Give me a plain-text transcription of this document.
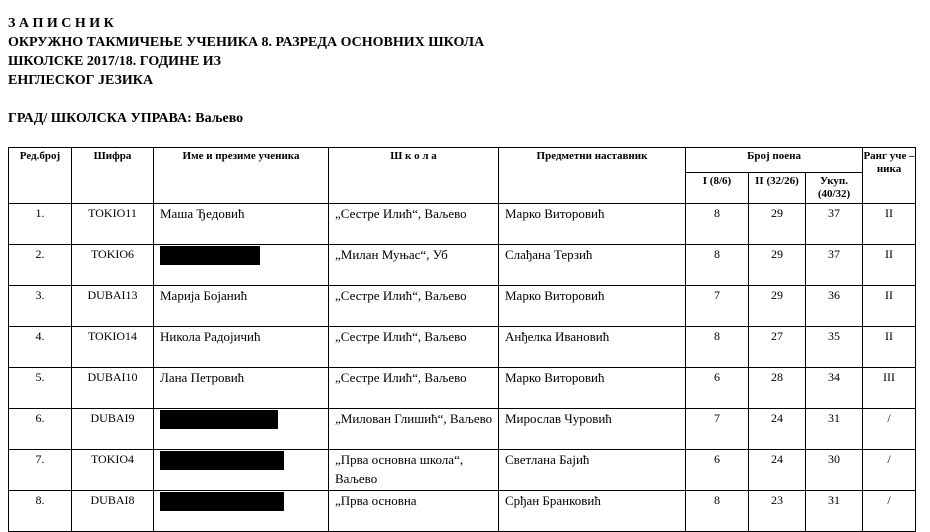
З А П И С Н И К
ОКРУЖНО ТАКМИЧЕЊЕ УЧЕНИКА 8. РАЗРЕДА ОСНОВНИХ ШКОЛА
ШКОЛСКЕ 2017/18. ГОДИНЕ ИЗ
ЕНГЛЕСКОГ ЈЕЗИКА
ГРАД/ ШКОЛСКА УПРАВА: Ваљево
Ред.број	Шифра	Име и презиме ученика	Ш к о л а	Предметни наставник	Број поена			Ранг уче – ника
					I (8/6)	II (32/26)	Укуп. (40/32)	
1.	TOKIO11	Маша Ђедовић	„Сестре Илић“, Ваљево	Марко Виторовић	8	29	37	II
2.	TOKIO6		„Милан Муњас“, Уб	Слађана Терзић	8	29	37	II
3.	DUBAI13	Марија Бојанић	„Сестре Илић“, Ваљево	Марко Виторовић	7	29	36	II
4.	TOKIO14	Никола Радојичић	„Сестре Илић“, Ваљево	Анђелка Ивановић	8	27	35	II
5.	DUBAI10	Лана Петровић	„Сестре Илић“, Ваљево	Марко Виторовић	6	28	34	III
6.	DUBAI9		„Милован Глишић“, Ваљево	Мирослав Чуровић	7	24	31	/
7.	TOKIO4		„Прва основна школа“, Ваљево	Светлана Бајић	6	24	30	/
8.	DUBAI8		„Прва основна	Срђан Бранковић	8	23	31	/
